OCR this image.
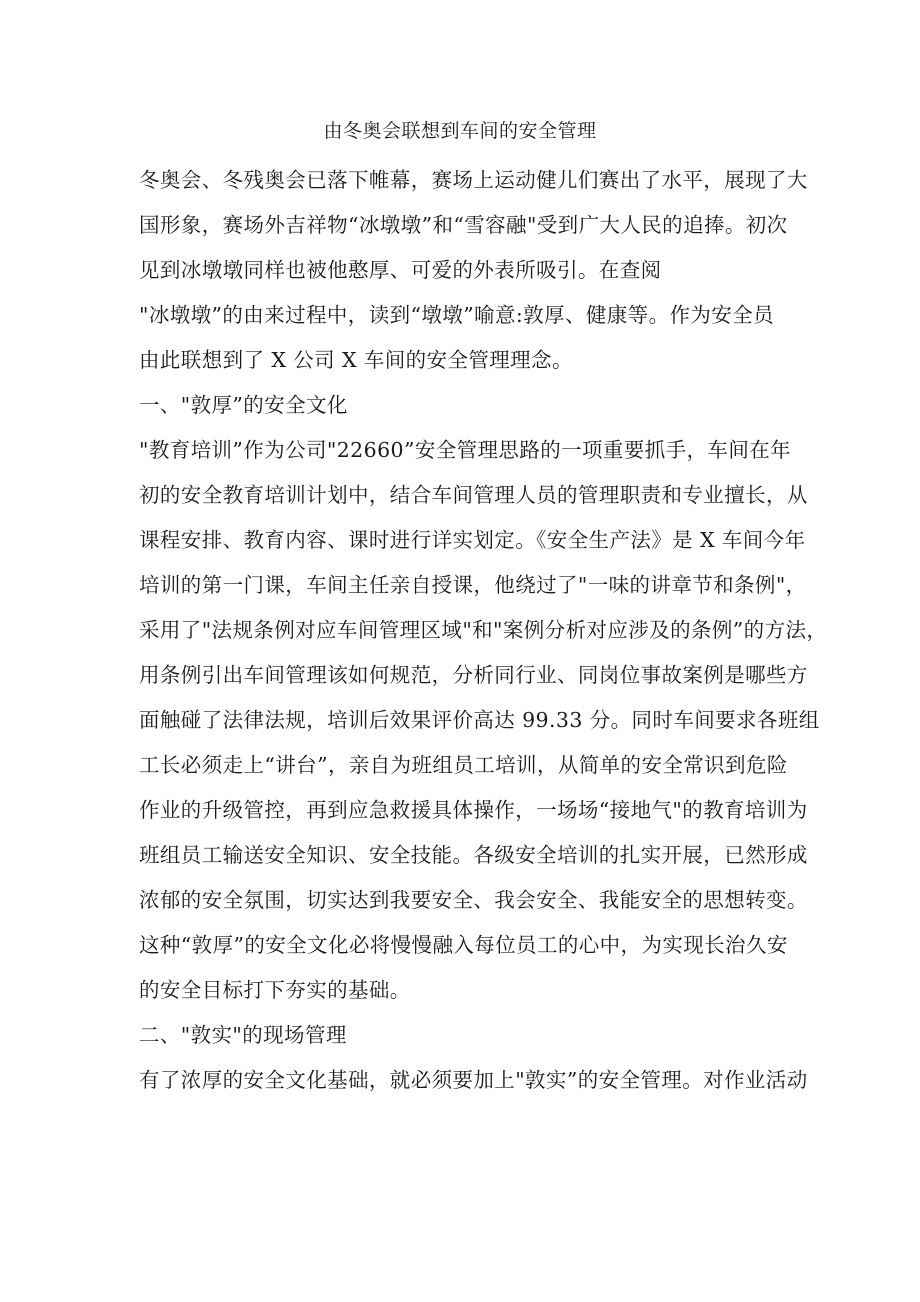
由冬奥会联想到车间的安全管理
冬奥会、冬残奥会已落下帷幕，赛场上运动健儿们赛出了水平，展现了大
国形象，赛场外吉祥物“冰墩墩”和“雪容融"受到广大人民的追捧。初次
见到冰墩墩同样也被他憨厚、可爱的外表所吸引。在查阅
"冰墩墩”的由来过程中，读到“墩墩”喻意:敦厚、健康等。作为安全员
由此联想到了 X 公司 X 车间的安全管理理念。
一、"敦厚”的安全文化
"教育培训”作为公司"22660”安全管理思路的一项重要抓手，车间在年
初的安全教育培训计划中，结合车间管理人员的管理职责和专业擅长，从
课程安排、教育内容、课时进行详实划定。《安全生产法》是 X 车间今年
培训的第一门课，车间主任亲自授课，他绕过了"一味的讲章节和条例"，
采用了"法规条例对应车间管理区域"和"案例分析对应涉及的条例”的方法，
用条例引出车间管理该如何规范，分析同行业、同岗位事故案例是哪些方
面触碰了法律法规，培训后效果评价高达 99.33 分。同时车间要求各班组
工长必须走上“讲台”，亲自为班组员工培训，从简单的安全常识到危险
作业的升级管控，再到应急救援具体操作，一场场“接地气"的教育培训为
班组员工输送安全知识、安全技能。各级安全培训的扎实开展，已然形成
浓郁的安全氛围，切实达到我要安全、我会安全、我能安全的思想转变。
这种“敦厚”的安全文化必将慢慢融入每位员工的心中，为实现长治久安
的安全目标打下夯实的基础。
二、"敦实"的现场管理
有了浓厚的安全文化基础，就必须要加上"敦实”的安全管理。对作业活动
